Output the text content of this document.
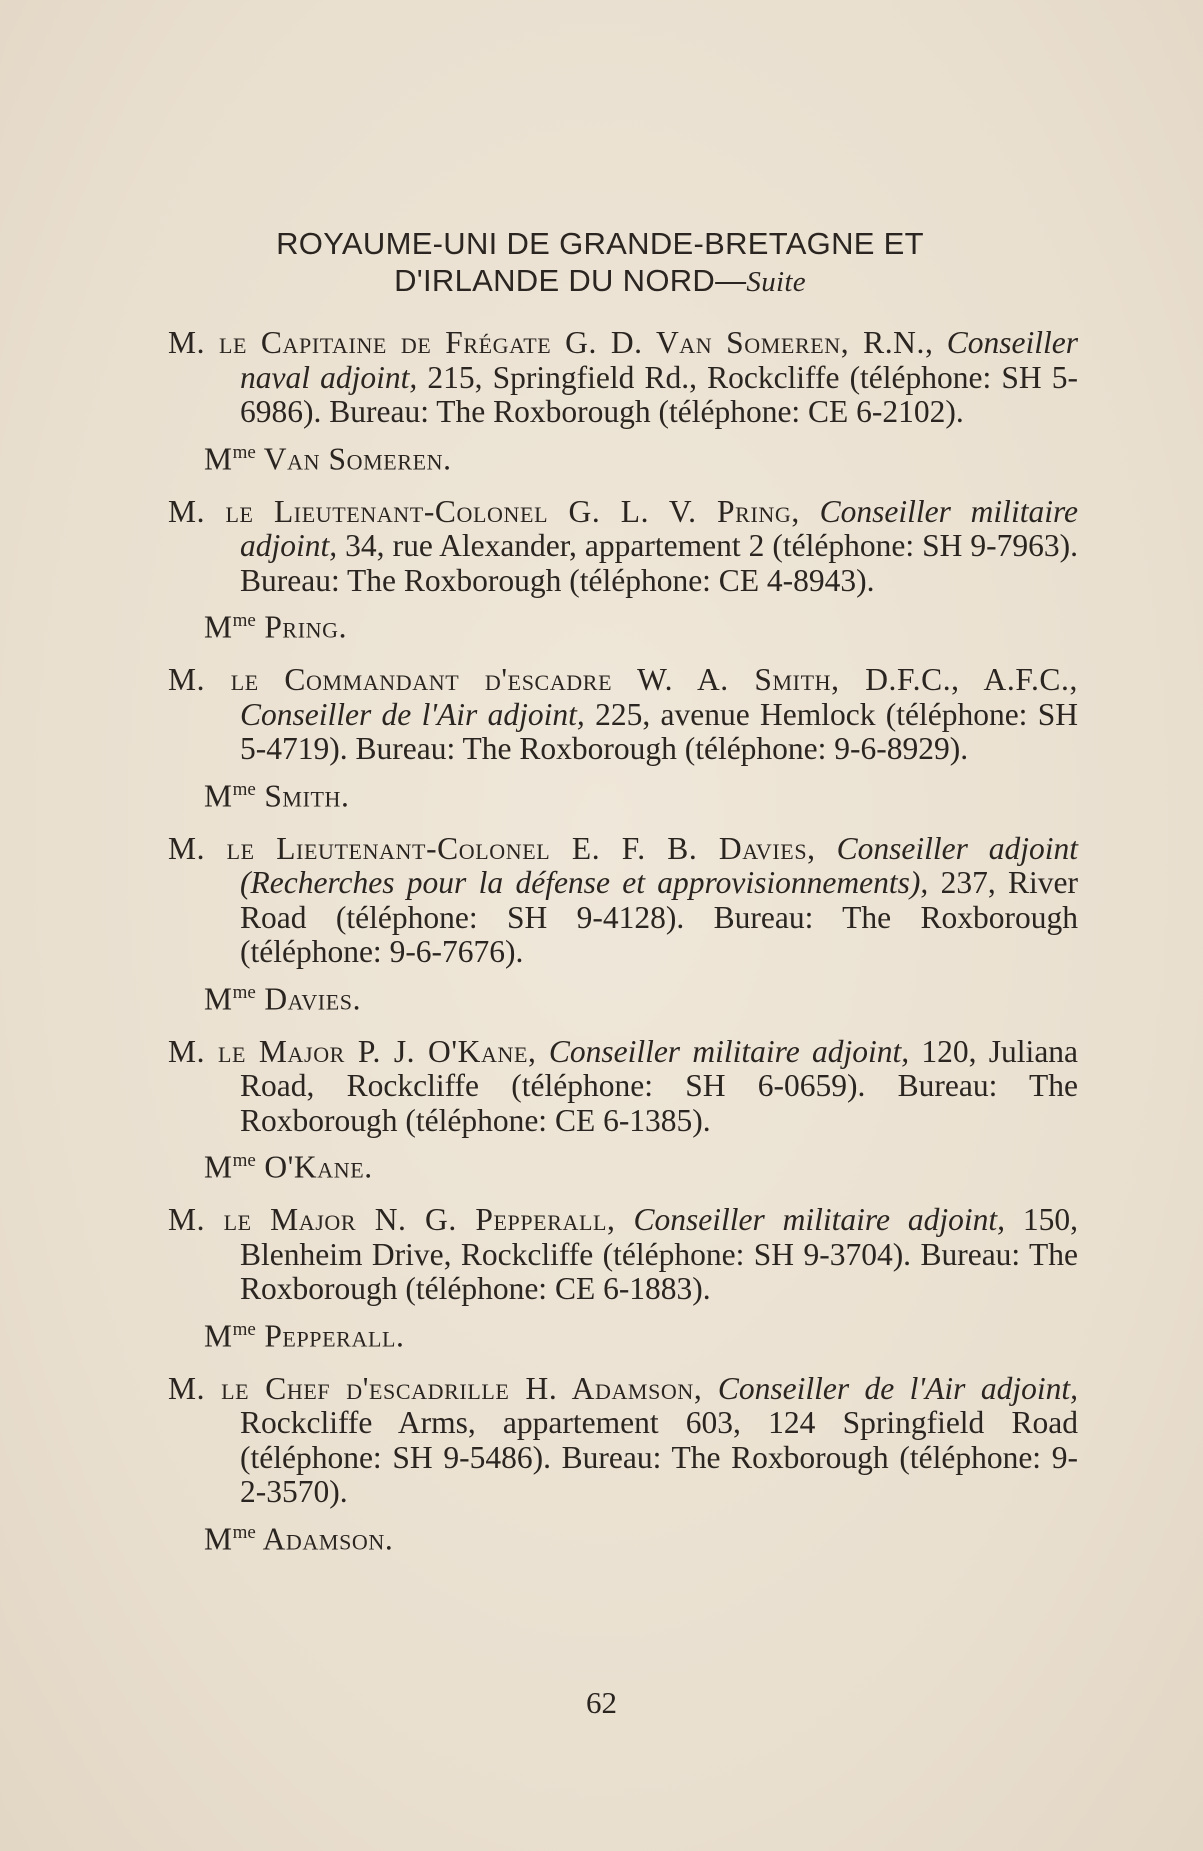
ROYAUME-UNI DE GRANDE-BRETAGNE ET
D'IRLANDE DU NORD—Suite

M. le Capitaine de Frégate G. D. Van Someren, R.N., Conseiller naval adjoint, 215, Springfield Rd., Rockcliffe (téléphone: SH 5-6986). Bureau: The Roxborough (téléphone: CE 6-2102).

$M^{me}$ Van Someren.

M. le Lieutenant-Colonel G. L. V. Pring, Conseiller militaire adjoint, 34, rue Alexander, appartement 2 (téléphone: SH 9-7963). Bureau: The Roxborough (téléphone: CE 4-8943).

$M^{me}$ Pring.

M. le Commandant d'escadre W. A. Smith, D.F.C., A.F.C., Conseiller de l'Air adjoint, 225, avenue Hemlock (téléphone: SH 5-4719). Bureau: The Roxborough (téléphone: 9-6-8929).

$M^{me}$ Smith.

M. le Lieutenant-Colonel E. F. B. Davies, Conseiller adjoint (Recherches pour la défense et approvisionnements), 237, River Road (téléphone: SH 9-4128). Bureau: The Roxborough (téléphone: 9-6-7676).

$M^{me}$ Davies.

M. le Major P. J. O'Kane, Conseiller militaire adjoint, 120, Juliana Road, Rockcliffe (téléphone: SH 6-0659). Bureau: The Roxborough (téléphone: CE 6-1385).

$M^{me}$ O'Kane.

M. le Major N. G. Pepperall, Conseiller militaire adjoint, 150, Blenheim Drive, Rockcliffe (téléphone: SH 9-3704). Bureau: The Roxborough (téléphone: CE 6-1883).

$M^{me}$ Pepperall.

M. le Chef d'escadrille H. Adamson, Conseiller de l'Air adjoint, Rockcliffe Arms, appartement 603, 124 Springfield Road (téléphone: SH 9-5486). Bureau: The Roxborough (téléphone: 9-2-3570).

$M^{me}$ Adamson.

62
